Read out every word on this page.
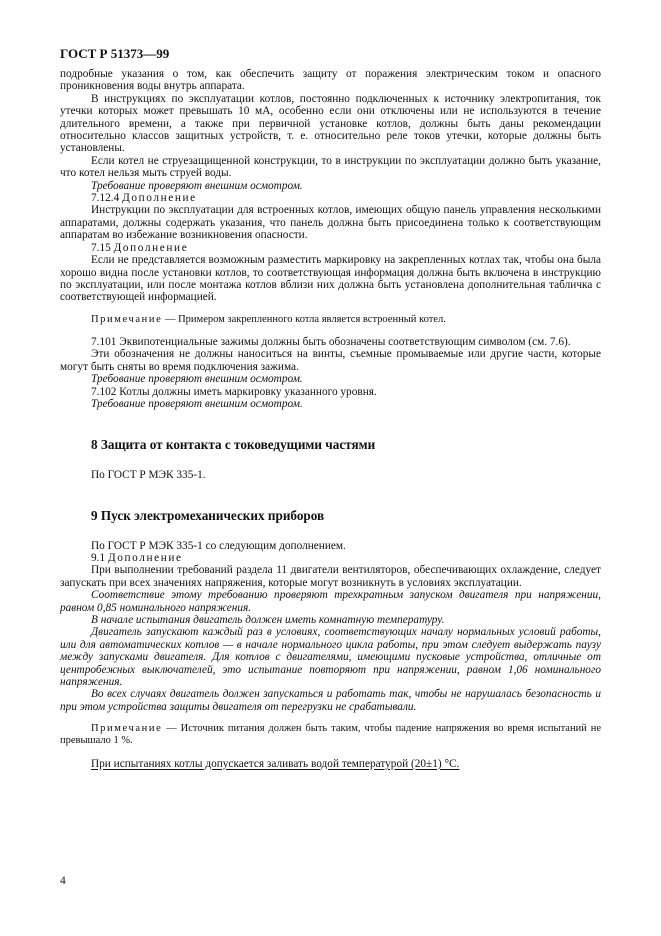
ГОСТ Р 51373—99

подробные указания о том, как обеспечить защиту от поражения электрическим током и опасного проникновения воды внутрь аппарата.

В инструкциях по эксплуатации котлов, постоянно подключенных к источнику электропитания, ток утечки которых может превышать 10 мА, особенно если они отключены или не используются в течение длительного времени, а также при первичной установке котлов, должны быть даны рекомендации относительно классов защитных устройств, т. е. относительно реле токов утечки, которые должны быть установлены.

Если котел не струезащищенной конструкции, то в инструкции по эксплуатации должно быть указание, что котел нельзя мыть струей воды.

Требование проверяют внешним осмотром.

7.12.4 Дополнение

Инструкции по эксплуатации для встроенных котлов, имеющих общую панель управления несколькими аппаратами, должны содержать указания, что панель должна быть присоединена только к соответствующим аппаратам во избежание возникновения опасности.

7.15 Дополнение

Если не представляется возможным разместить маркировку на закрепленных котлах так, чтобы она была хорошо видна после установки котлов, то соответствующая информация должна быть включена в инструкцию по эксплуатации, или после монтажа котлов вблизи них должна быть установлена дополнительная табличка с соответствующей информацией.

Примечание — Примером закрепленного котла является встроенный котел.

7.101 Эквипотенциальные зажимы должны быть обозначены соответствующим символом (см. 7.6).

Эти обозначения не должны наноситься на винты, съемные промываемые или другие части, которые могут быть сняты во время подключения зажима.

Требование проверяют внешним осмотром.

7.102 Котлы должны иметь маркировку указанного уровня.

Требование проверяют внешним осмотром.

8 Защита от контакта с токоведущими частями

По ГОСТ Р МЭК 335-1.

9 Пуск электромеханических приборов

По ГОСТ Р МЭК 335-1 со следующим дополнением.

9.1 Дополнение

При выполнении требований раздела 11 двигатели вентиляторов, обеспечивающих охлаждение, следует запускать при всех значениях напряжения, которые могут возникнуть в условиях эксплуатации.

Соответствие этому требованию проверяют трехкратным запуском двигателя при напряжении, равном 0,85 номинального напряжения.

В начале испытания двигатель должен иметь комнатную температуру.

Двигатель запускают каждый раз в условиях, соответствующих началу нормальных условий работы, или для автоматических котлов — в начале нормального цикла работы, при этом следует выдержать паузу между запусками двигателя. Для котлов с двигателями, имеющими пусковые устройства, отличные от центробежных выключателей, это испытание повторяют при напряжении, равном 1,06 номинального напряжения.

Во всех случаях двигатель должен запускаться и работать так, чтобы не нарушалась безопасность и при этом устройства защиты двигателя от перегрузки не срабатывали.

Примечание — Источник питания должен быть таким, чтобы падение напряжения во время испытаний не превышало 1 %.

При испытаниях котлы допускается заливать водой температурой (20±1) °С.

4
